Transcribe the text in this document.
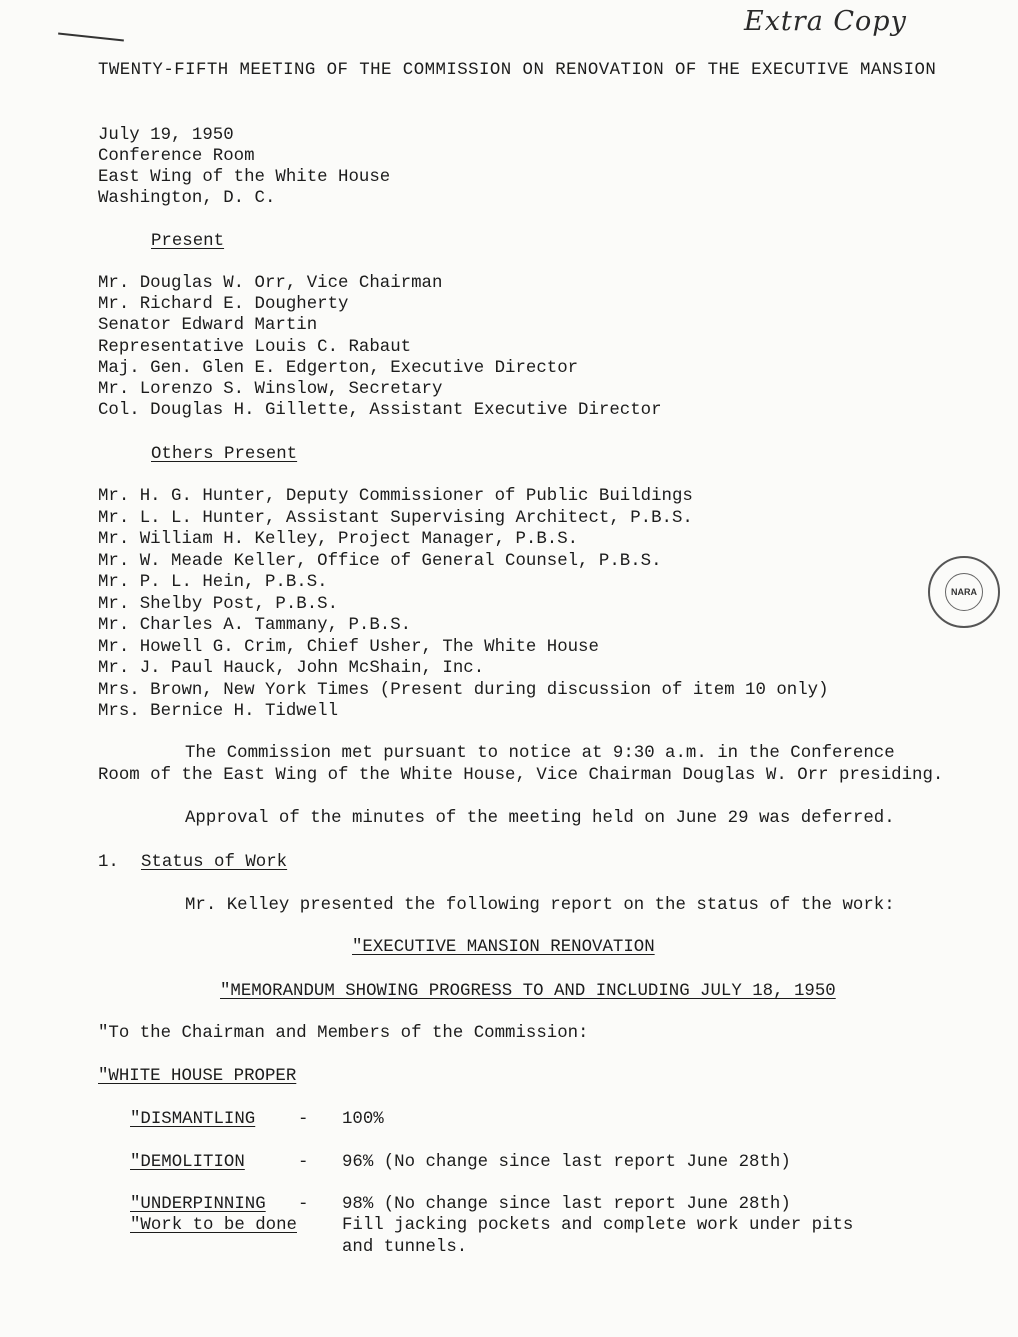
Extra Copy
TWENTY-FIFTH MEETING OF THE COMMISSION ON RENOVATION OF THE EXECUTIVE MANSION
July 19, 1950
Conference Room
East Wing of the White House
Washington, D. C.
Present
Mr. Douglas W. Orr, Vice Chairman
Mr. Richard E. Dougherty
Senator Edward Martin
Representative Louis C. Rabaut
Maj. Gen. Glen E. Edgerton, Executive Director
Mr. Lorenzo S. Winslow, Secretary
Col. Douglas H. Gillette, Assistant Executive Director
Others Present
Mr. H. G. Hunter, Deputy Commissioner of Public Buildings
Mr. L. L. Hunter, Assistant Supervising Architect, P.B.S.
Mr. William H. Kelley, Project Manager, P.B.S.
Mr. W. Meade Keller, Office of General Counsel, P.B.S.
Mr. P. L. Hein, P.B.S.
Mr. Shelby Post, P.B.S.
Mr. Charles A. Tammany, P.B.S.
Mr. Howell G. Crim, Chief Usher, The White House
Mr. J. Paul Hauck, John McShain, Inc.
Mrs. Brown, New York Times (Present during discussion of item 10 only)
Mrs. Bernice H. Tidwell
NARA
The Commission met pursuant to notice at 9:30 a.m. in the Conference
Room of the East Wing of the White House, Vice Chairman Douglas W. Orr presiding.
Approval of the minutes of the meeting held on June 29 was deferred.
1. Status of Work
Mr. Kelley presented the following report on the status of the work:
"EXECUTIVE MANSION RENOVATION
"MEMORANDUM SHOWING PROGRESS TO AND INCLUDING JULY 18, 1950
"To the Chairman and Members of the Commission:
"WHITE HOUSE PROPER
"DISMANTLING - 100%
"DEMOLITION	- 96% (No change since last report June 28th)
"UNDERPINNING - 98% (No change since last report June 28th)
"Work to be done	Fill jacking pockets and complete work under pits
and tunnels.
